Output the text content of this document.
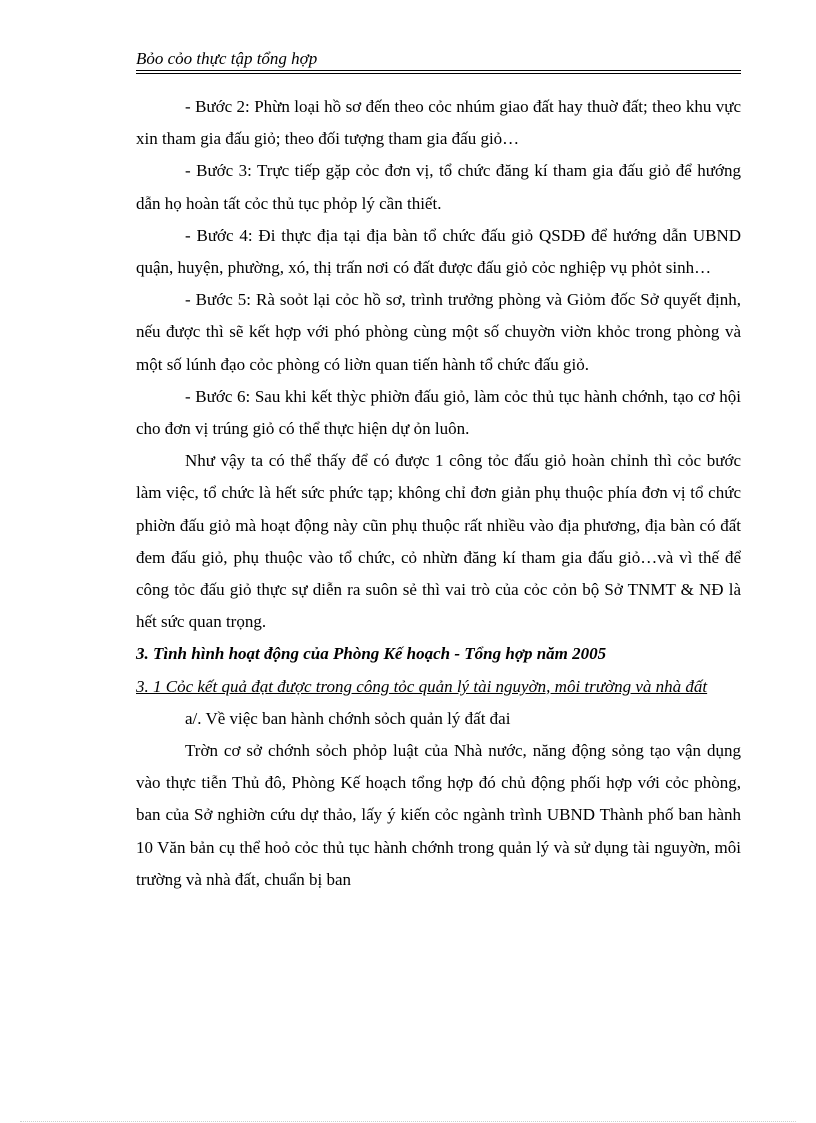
Bỏo cỏo thực tập tổng hợp

- Bước 2: Phừn loại hồ sơ đến theo cỏc nhúm giao đất hay thuờ đất; theo khu vực xin tham gia đấu giỏ; theo đối tượng tham gia đấu giỏ…

- Bước 3: Trực tiếp gặp cỏc đơn vị, tổ chức đăng kí tham gia đấu giỏ để hướng dẫn họ hoàn tất cỏc thủ tục phỏp lý cần thiết.

- Bước 4: Đi thực địa tại địa bàn tổ chức đấu giỏ QSDĐ để hướng dẫn UBND quận, huyện, phường, xó, thị trấn nơi có đất được đấu giỏ cỏc nghiệp vụ phỏt sinh…

- Bước 5: Rà soỏt lại cỏc hồ sơ, trình trưởng phòng và Giỏm đốc Sở quyết định, nếu được thì sẽ kết hợp với phó phòng cùng một số chuyờn viờn khỏc trong phòng và một số lúnh đạo cỏc phòng có liờn quan tiến hành tổ chức đấu giỏ.

- Bước 6: Sau khi kết thỳc phiờn đấu giỏ, làm cỏc thủ tục hành chớnh, tạo cơ hội cho đơn vị trúng giỏ có thể thực hiện dự ỏn luôn.

Như vậy ta có thể thấy để có được 1 công tỏc đấu giỏ hoàn chỉnh thì cỏc bước làm việc, tổ chức là hết sức phức tạp; không chỉ đơn giản phụ thuộc phía đơn vị tổ chức phiờn đấu giỏ mà hoạt động này cũn phụ thuộc rất nhiều vào địa phương, địa bàn có đất đem đấu giỏ, phụ thuộc vào tổ chức, cỏ nhừn đăng kí tham gia đấu giỏ…và vì thế để công tỏc đấu giỏ thực sự diễn ra suôn sẻ thì vai trò của cỏc cỏn bộ Sở TNMT & NĐ là hết sức quan trọng.

3. Tình hình hoạt động của Phòng Kế hoạch - Tổng hợp năm 2005

3. 1 Cỏc kết quả đạt được trong công tỏc quản lý tài nguyờn, môi trường và nhà đất

a/. Về việc ban hành chớnh sỏch quản lý đất đai

Trờn cơ sở chớnh sỏch phỏp luật của Nhà nước, năng động sỏng tạo vận dụng vào thực tiễn Thủ đô, Phòng Kế hoạch tổng hợp đó chủ động phối hợp với cỏc phòng, ban của Sở nghiờn cứu dự thảo, lấy ý kiến cỏc ngành trình UBND Thành phố ban hành 10 Văn bản cụ thể hoỏ cỏc thủ tục hành chớnh trong quản lý và sử dụng tài nguyờn, môi trường và nhà đất, chuẩn bị ban
